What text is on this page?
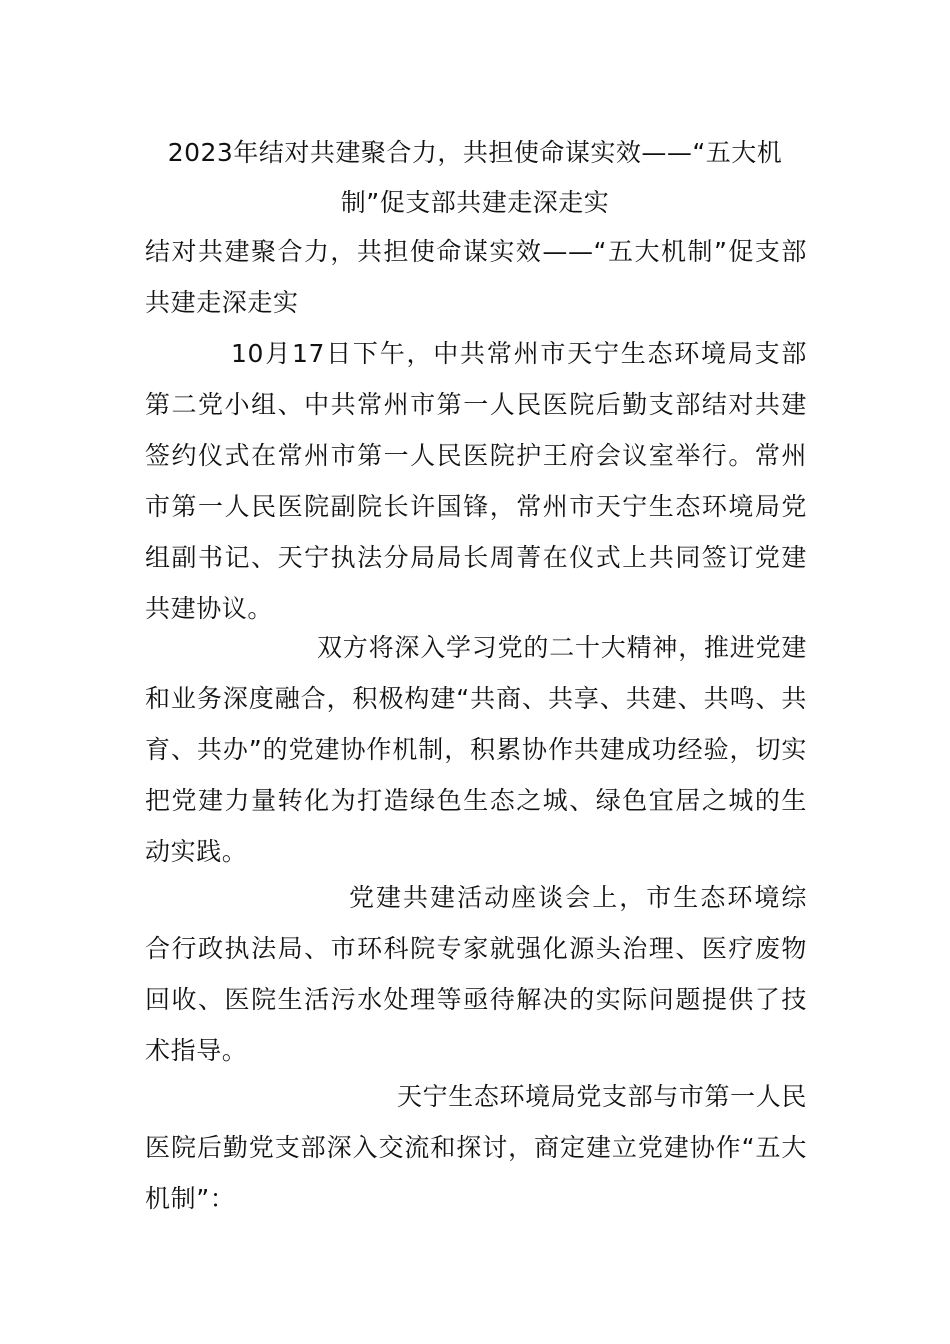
2023年结对共建聚合力，共担使命谋实效——“五大机制”促支部共建走深走实
结对共建聚合力，共担使命谋实效——“五大机制”促支部共建走深走实
10月17日下午，中共常州市天宁生态环境局支部第二党小组、中共常州市第一人民医院后勤支部结对共建签约仪式在常州市第一人民医院护王府会议室举行。常州市第一人民医院副院长许国锋，常州市天宁生态环境局党组副书记、天宁执法分局局长周菁在仪式上共同签订党建共建协议。
双方将深入学习党的二十大精神，推进党建和业务深度融合，积极构建“共商、共享、共建、共鸣、共育、共办”的党建协作机制，积累协作共建成功经验，切实把党建力量转化为打造绿色生态之城、绿色宜居之城的生动实践。
党建共建活动座谈会上，市生态环境综合行政执法局、市环科院专家就强化源头治理、医疗废物回收、医院生活污水处理等亟待解决的实际问题提供了技术指导。
天宁生态环境局党支部与市第一人民医院后勤党支部深入交流和探讨，商定建立党建协作“五大机制”：
